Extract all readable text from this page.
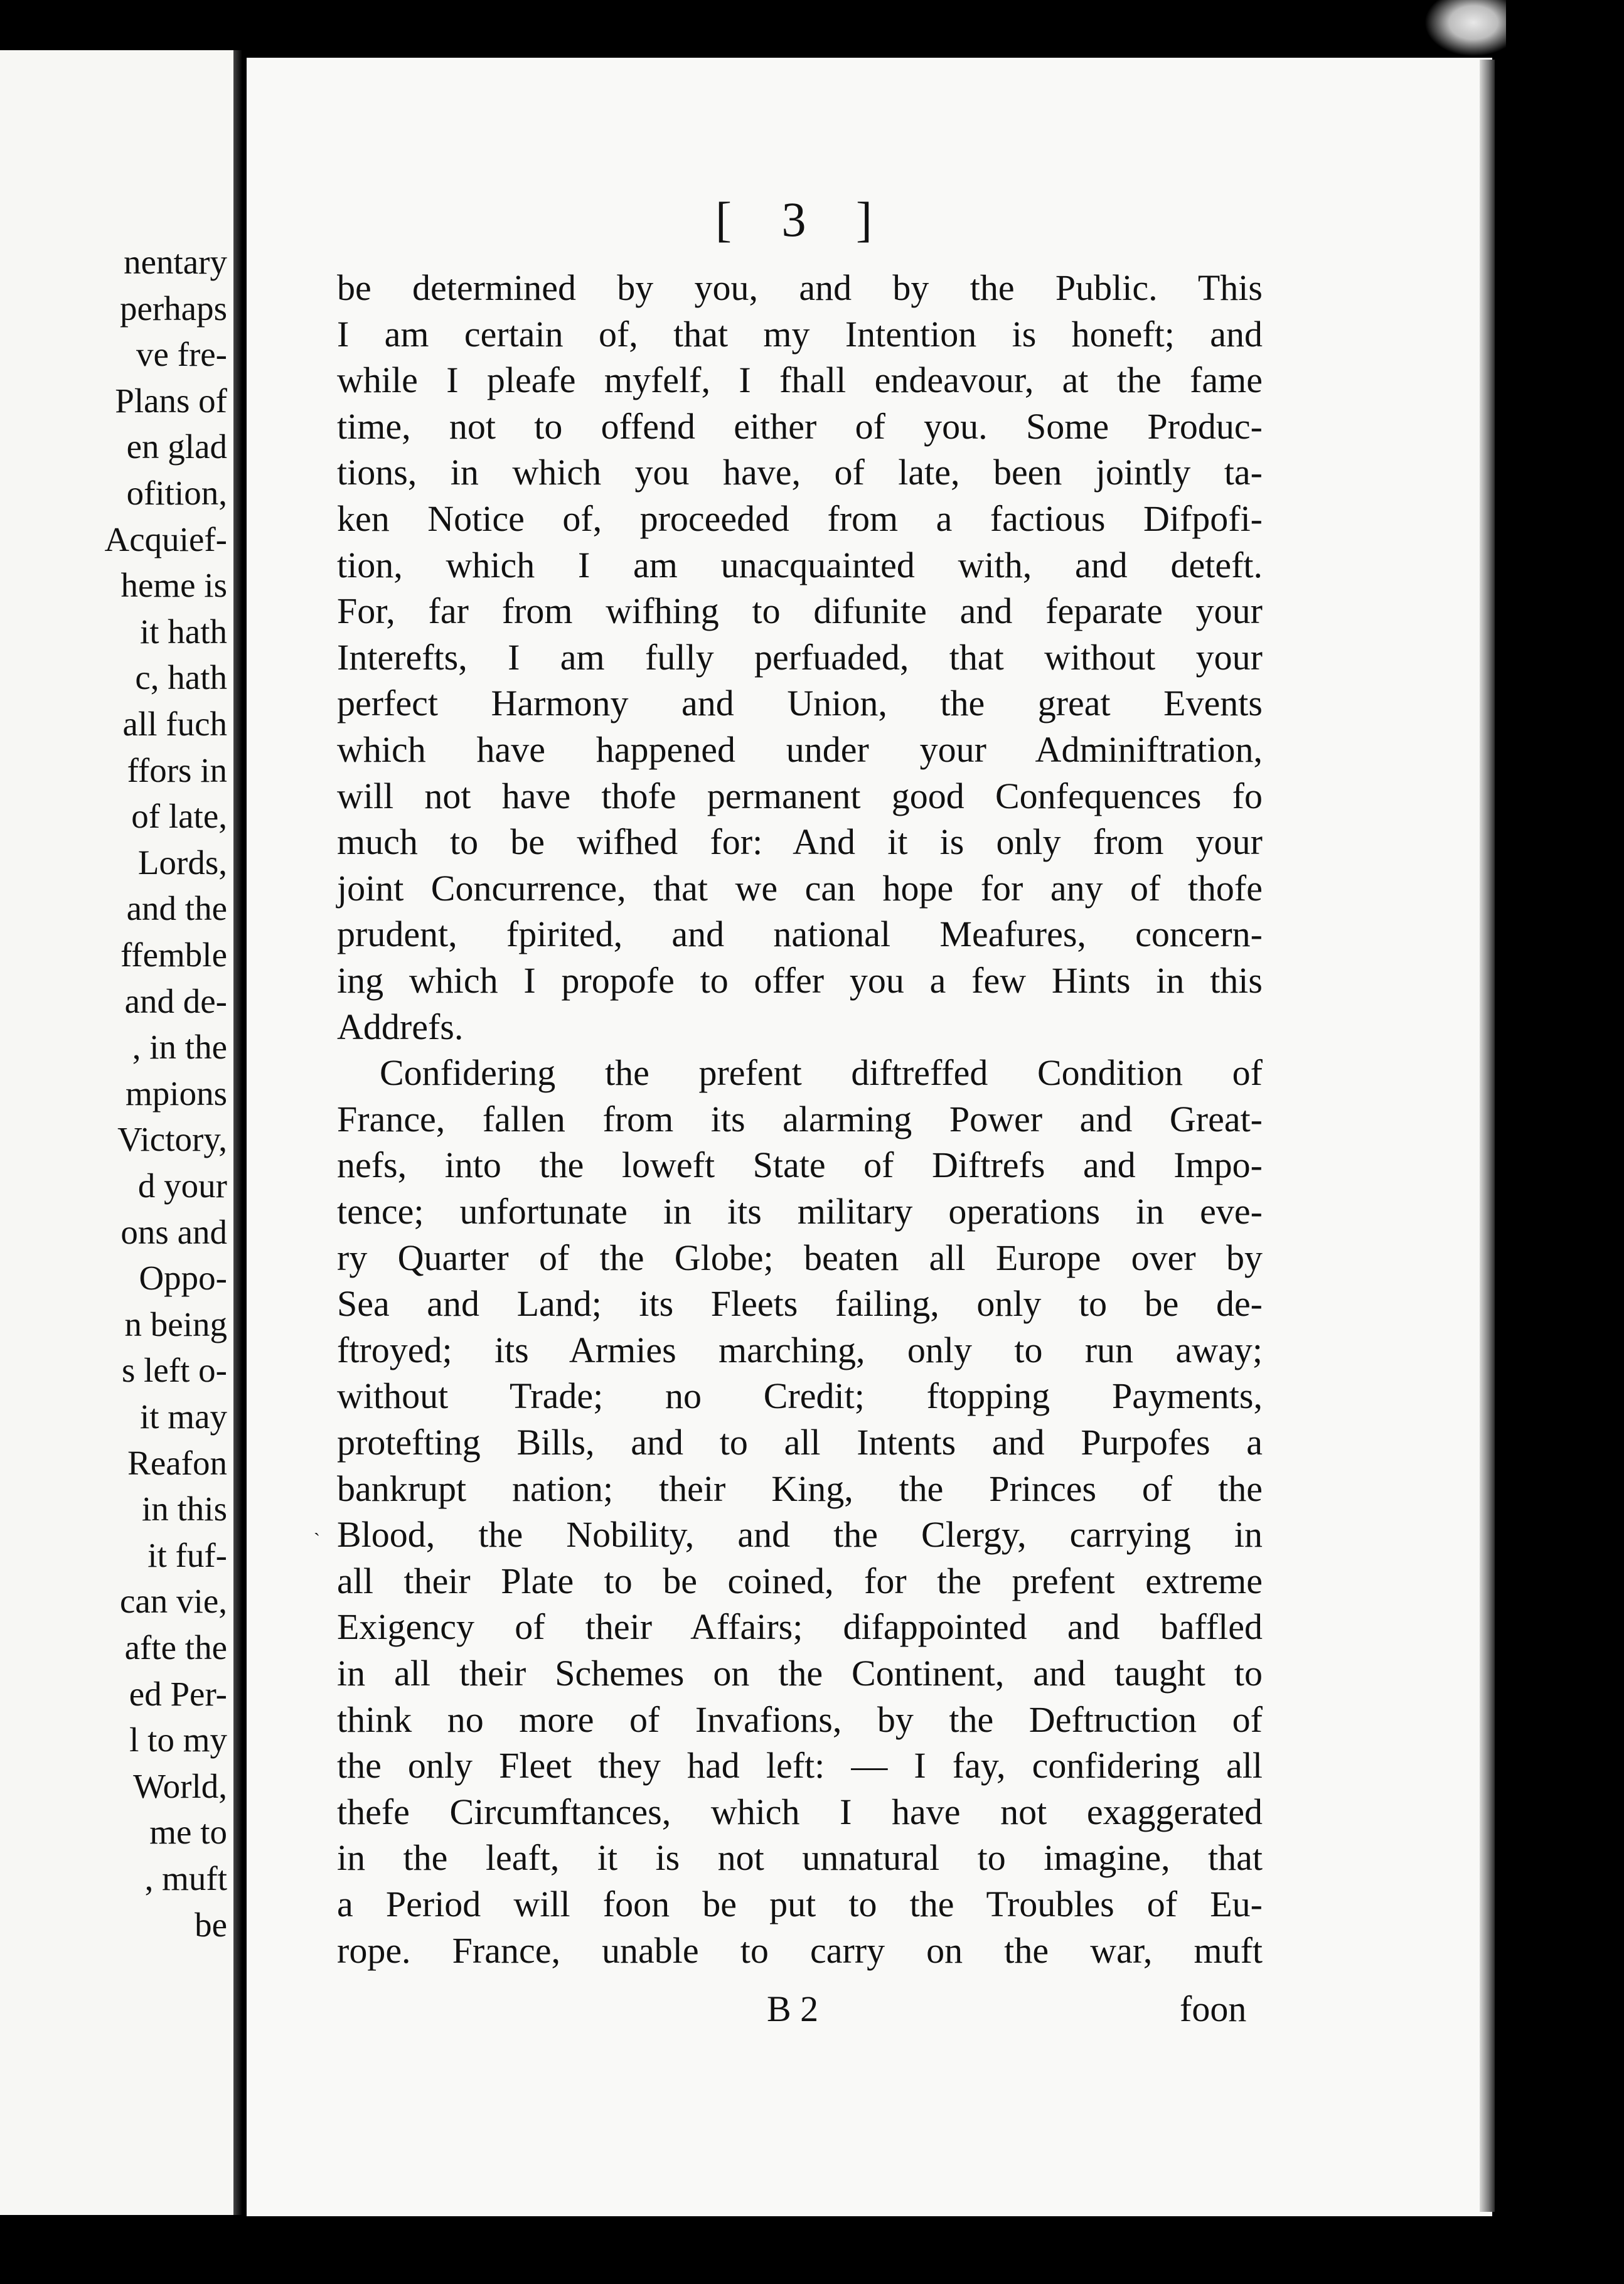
nentary
perhaps
ve fre-
Plans of
en glad
ofition,
Acquief-
heme is
it hath
c, hath
all fuch
ffors in
of late,
Lords,
and the
ffemble
and de-
, in the
mpions
Victory,
d your
ons and
Oppo-
n being
s left o-
it may
Reafon
in this
it fuf-
can vie,
afte the
ed Per-
l to my
World,
me to
, muft
be
[ 3 ]
be determined by you, and by the Public. This
I am certain of, that my Intention is honeft; and
while I pleafe myfelf, I fhall endeavour, at the fame
time, not to offend either of you. Some Produc-
tions, in which you have, of late, been jointly ta-
ken Notice of, proceeded from a factious Difpofi-
tion, which I am unacquainted with, and deteft.
For, far from wifhing to difunite and feparate your
Interefts, I am fully perfuaded, that without your
perfect Harmony and Union, the great Events
which have happened under your Adminiftration,
will not have thofe permanent good Confequences fo
much to be wifhed for: And it is only from your
joint Concurrence, that we can hope for any of thofe
prudent, fpirited, and national Meafures, concern-
ing which I propofe to offer you a few Hints in this
Addrefs.
Confidering the prefent diftreffed Condition of
France, fallen from its alarming Power and Great-
nefs, into the loweft State of Diftrefs and Impo-
tence; unfortunate in its military operations in eve-
ry Quarter of the Globe; beaten all Europe over by
Sea and Land; its Fleets failing, only to be de-
ftroyed; its Armies marching, only to run away;
without Trade; no Credit; ftopping Payments,
protefting Bills, and to all Intents and Purpofes a
bankrupt nation; their King, the Princes of the
Blood, the Nobility, and the Clergy, carrying in
all their Plate to be coined, for the prefent extreme
Exigency of their Affairs; difappointed and baffled
in all their Schemes on the Continent, and taught to
think no more of Invafions, by the Deftruction of
the only Fleet they had left: — I fay, confidering all
thefe Circumftances, which I have not exaggerated
in the leaft, it is not unnatural to imagine, that
a Period will foon be put to the Troubles of Eu-
rope. France, unable to carry on the war, muft
B 2	foon
ˏ
